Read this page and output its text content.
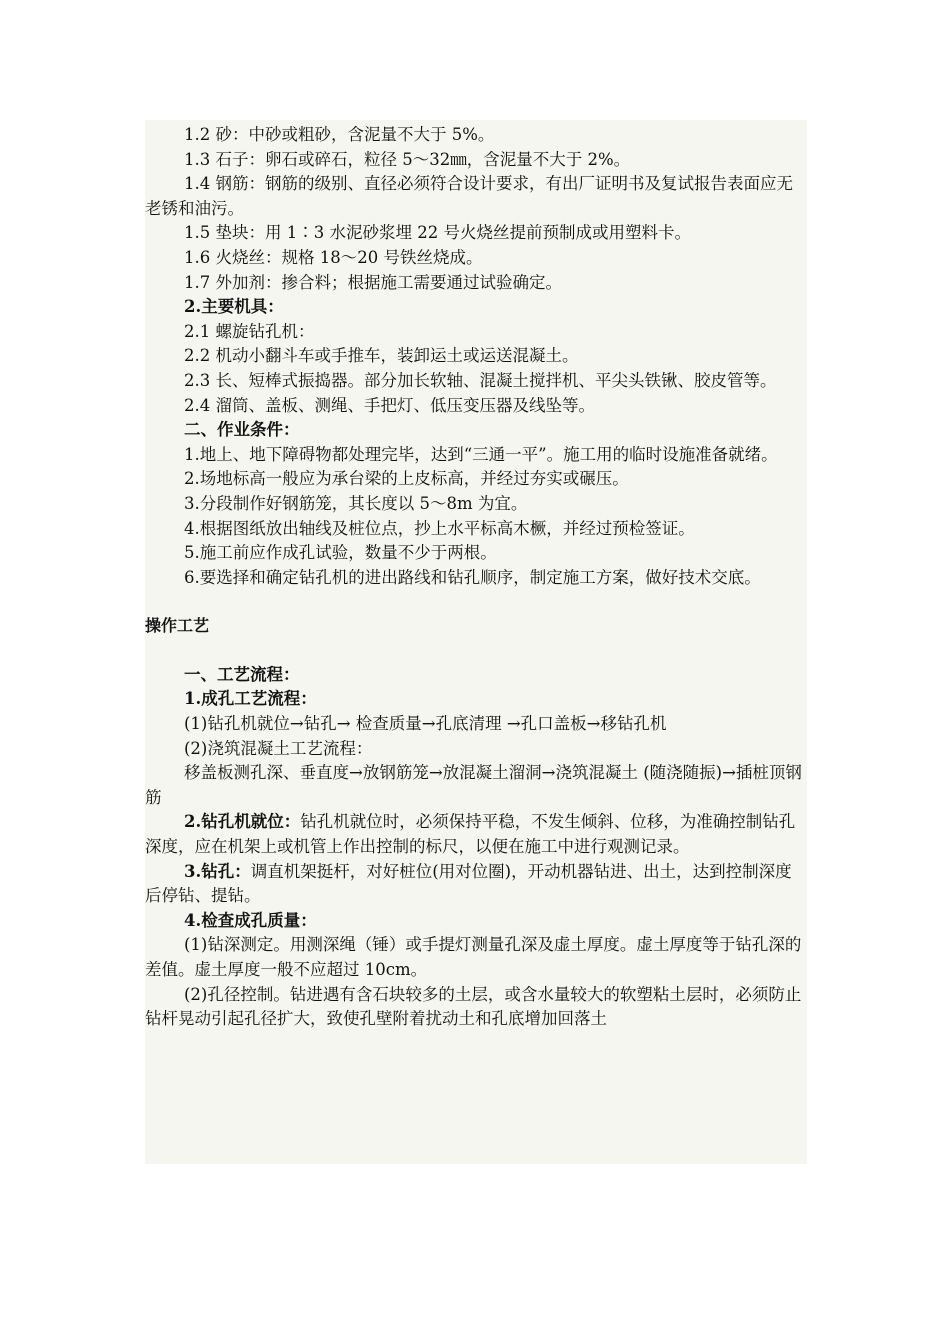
1.2 砂：中砂或粗砂，含泥量不大于 5%。

1.3 石子：卵石或碎石，粒径 5～32㎜，含泥量不大于 2%。

1.4 钢筋：钢筋的级别、直径必须符合设计要求，有出厂证明书及复试报告表面应无老锈和油污。

1.5 垫块：用 1∶3 水泥砂浆埋 22 号火烧丝提前预制成或用塑料卡。

1.6 火烧丝：规格 18～20 号铁丝烧成。

1.7 外加剂：掺合料；根据施工需要通过试验确定。

2.主要机具：

2.1 螺旋钻孔机：

2.2 机动小翻斗车或手推车，装卸运土或运送混凝土。

2.3 长、短棒式振捣器。部分加长软轴、混凝土搅拌机、平尖头铁锹、胶皮管等。

2.4 溜筒、盖板、测绳、手把灯、低压变压器及线坠等。

二、作业条件：

1.地上、地下障碍物都处理完毕，达到“三通一平”。施工用的临时设施准备就绪。

2.场地标高一般应为承台梁的上皮标高，并经过夯实或碾压。

3.分段制作好钢筋笼，其长度以 5～8m 为宜。

4.根据图纸放出轴线及桩位点，抄上水平标高木橛，并经过预检签证。

5.施工前应作成孔试验，数量不少于两根。

6.要选择和确定钻孔机的进出路线和钻孔顺序，制定施工方案，做好技术交底。

操作工艺

一、工艺流程：

1.成孔工艺流程：

(1)钻孔机就位→钻孔→ 检查质量→孔底清理 →孔口盖板→移钻孔机

(2)浇筑混凝土工艺流程：

移盖板测孔深、垂直度→放钢筋笼→放混凝土溜洞→浇筑混凝土 (随浇随振)→插桩顶钢筋

2.钻孔机就位：钻孔机就位时，必须保持平稳，不发生倾斜、位移，为准确控制钻孔深度，应在机架上或机管上作出控制的标尺，以便在施工中进行观测记录。

3.钻孔：调直机架挺杆，对好桩位(用对位圈)，开动机器钻进、出土，达到控制深度后停钻、提钻。

4.检查成孔质量：

(1)钻深测定。用测深绳（锤）或手提灯测量孔深及虚土厚度。虚土厚度等于钻孔深的差值。虚土厚度一般不应超过 10cm。

(2)孔径控制。钻进遇有含石块较多的土层，或含水量较大的软塑粘土层时，必须防止钻杆晃动引起孔径扩大，致使孔壁附着扰动土和孔底增加回落土
